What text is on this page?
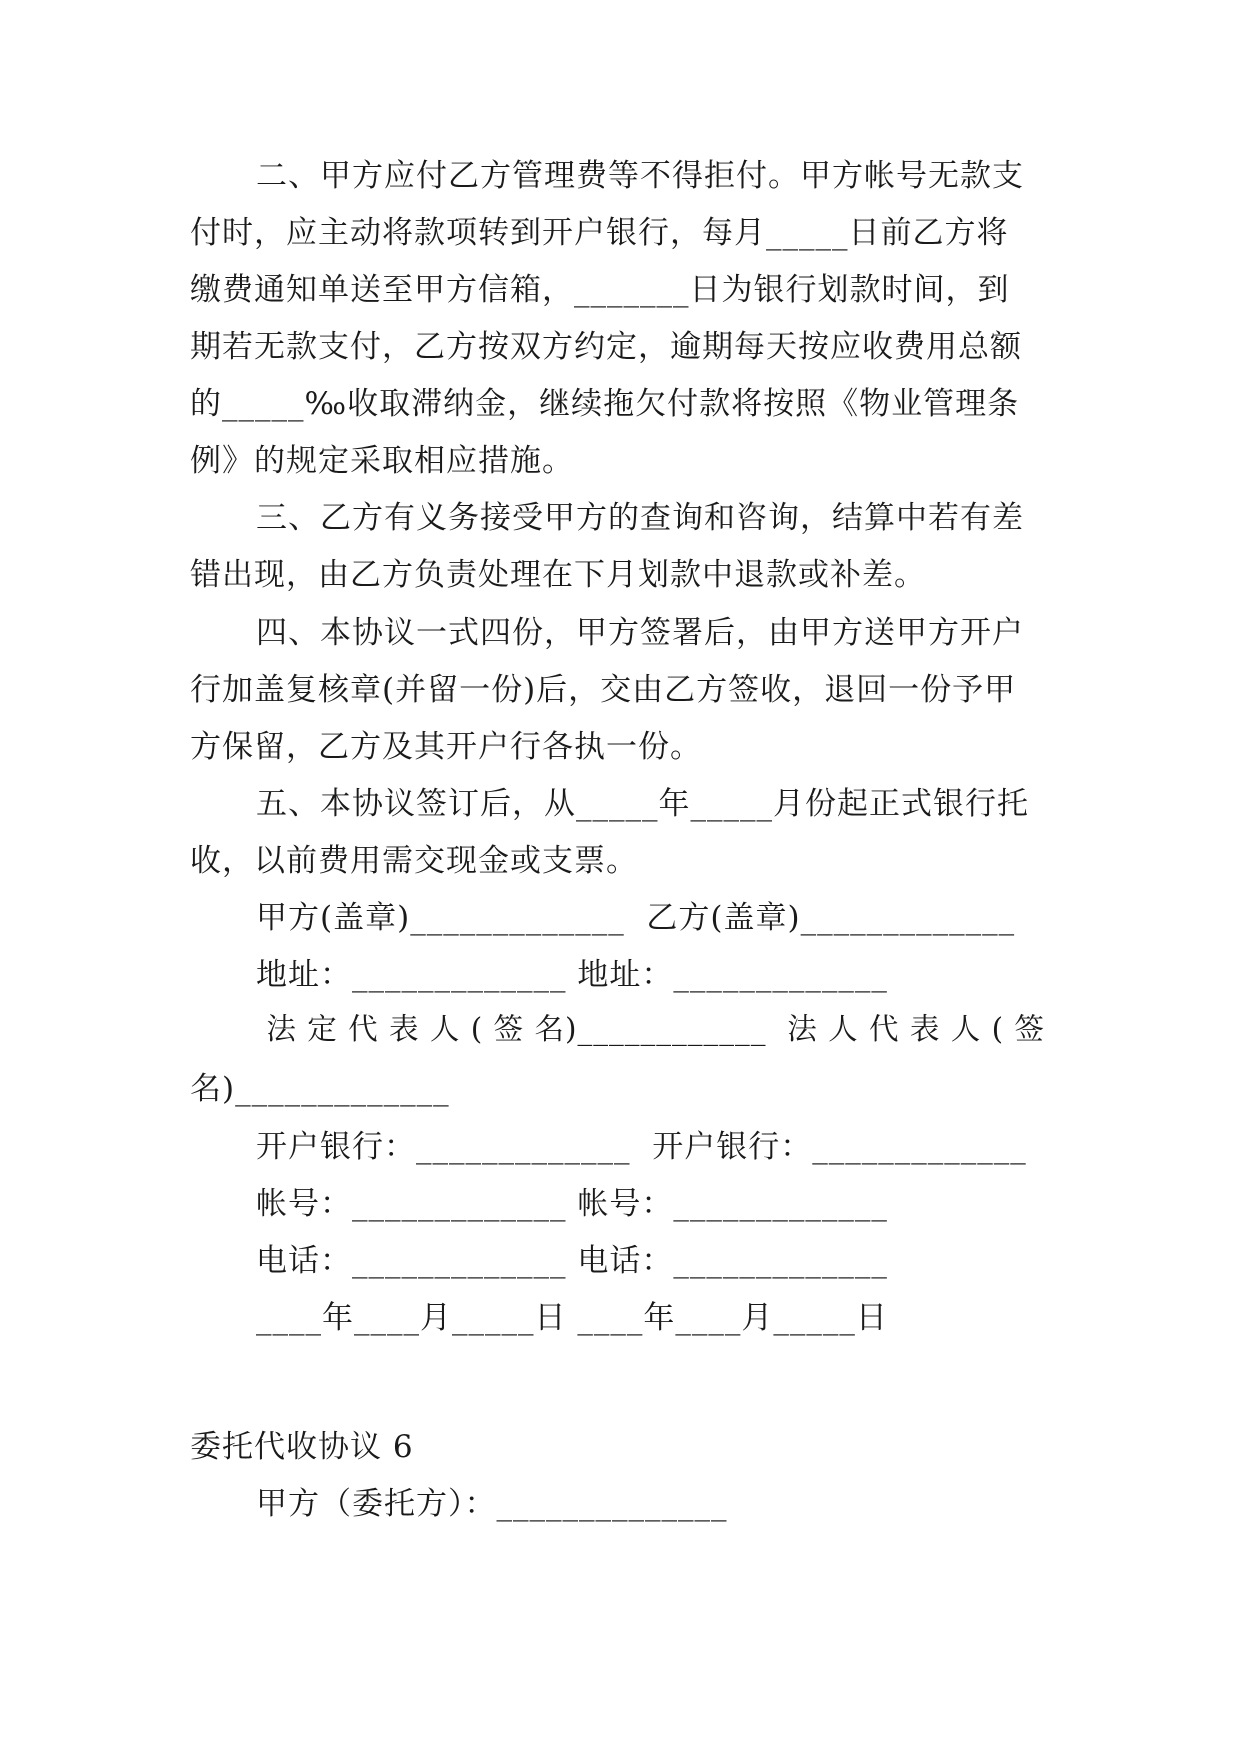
二、甲方应付乙方管理费等不得拒付。甲方帐号无款支
付时，应主动将款项转到开户银行，每月_____日前乙方将
缴费通知单送至甲方信箱，_______日为银行划款时间，到
期若无款支付，乙方按双方约定，逾期每天按应收费用总额
的_____‰收取滞纳金，继续拖欠付款将按照《物业管理条
例》的规定采取相应措施。
三、乙方有义务接受甲方的查询和咨询，结算中若有差
错出现，由乙方负责处理在下月划款中退款或补差。
四、本协议一式四份，甲方签署后，由甲方送甲方开户
行加盖复核章(并留一份)后，交由乙方签收，退回一份予甲
方保留，乙方及其开户行各执一份。
五、本协议签订后，从_____年_____月份起正式银行托
收，以前费用需交现金或支票。
甲方(盖章)_____________  乙方(盖章)_____________
地址：_____________ 地址：_____________
法 定 代 表 人 ( 签 名)____________  法 人 代 表 人 ( 签
名)_____________
开户银行：_____________  开户银行：_____________
帐号：_____________ 帐号：_____________
电话：_____________ 电话：_____________
____年____月_____日 ____年____月_____日
委托代收协议 6
甲方（委托方）：______________
